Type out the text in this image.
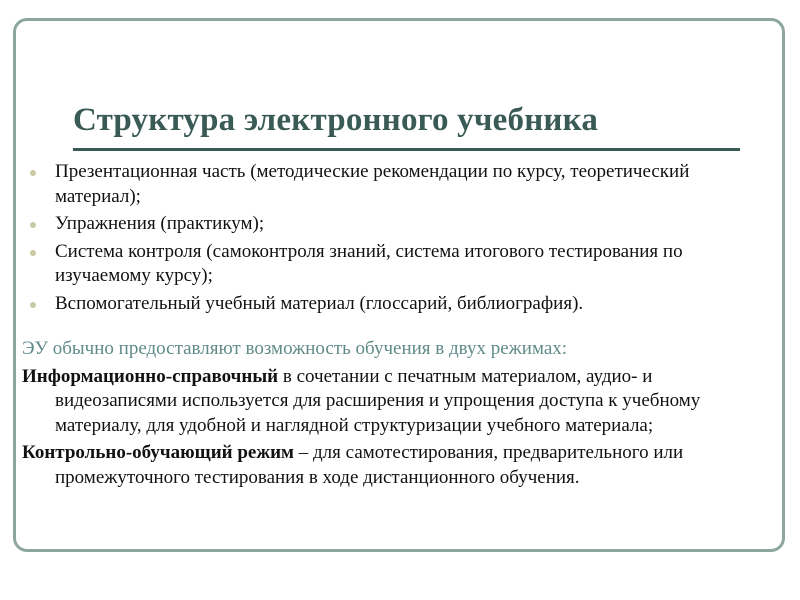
Структура электронного учебника
Презентационная часть (методические рекомендации по курсу, теоретический материал);
Упражнения (практикум);
Система контроля (самоконтроля знаний, система итогового тестирования по изучаемому курсу);
Вспомогательный учебный материал (глоссарий, библиография).
ЭУ обычно предоставляют возможность обучения в двух режимах:
Информационно-справочный в сочетании с печатным материалом, аудио- и видеозаписями используется для расширения и упрощения доступа к учебному материалу, для удобной и наглядной структуризации учебного материала;
Контрольно-обучающий режим – для самотестирования, предварительного или промежуточного тестирования в ходе дистанционного обучения.
